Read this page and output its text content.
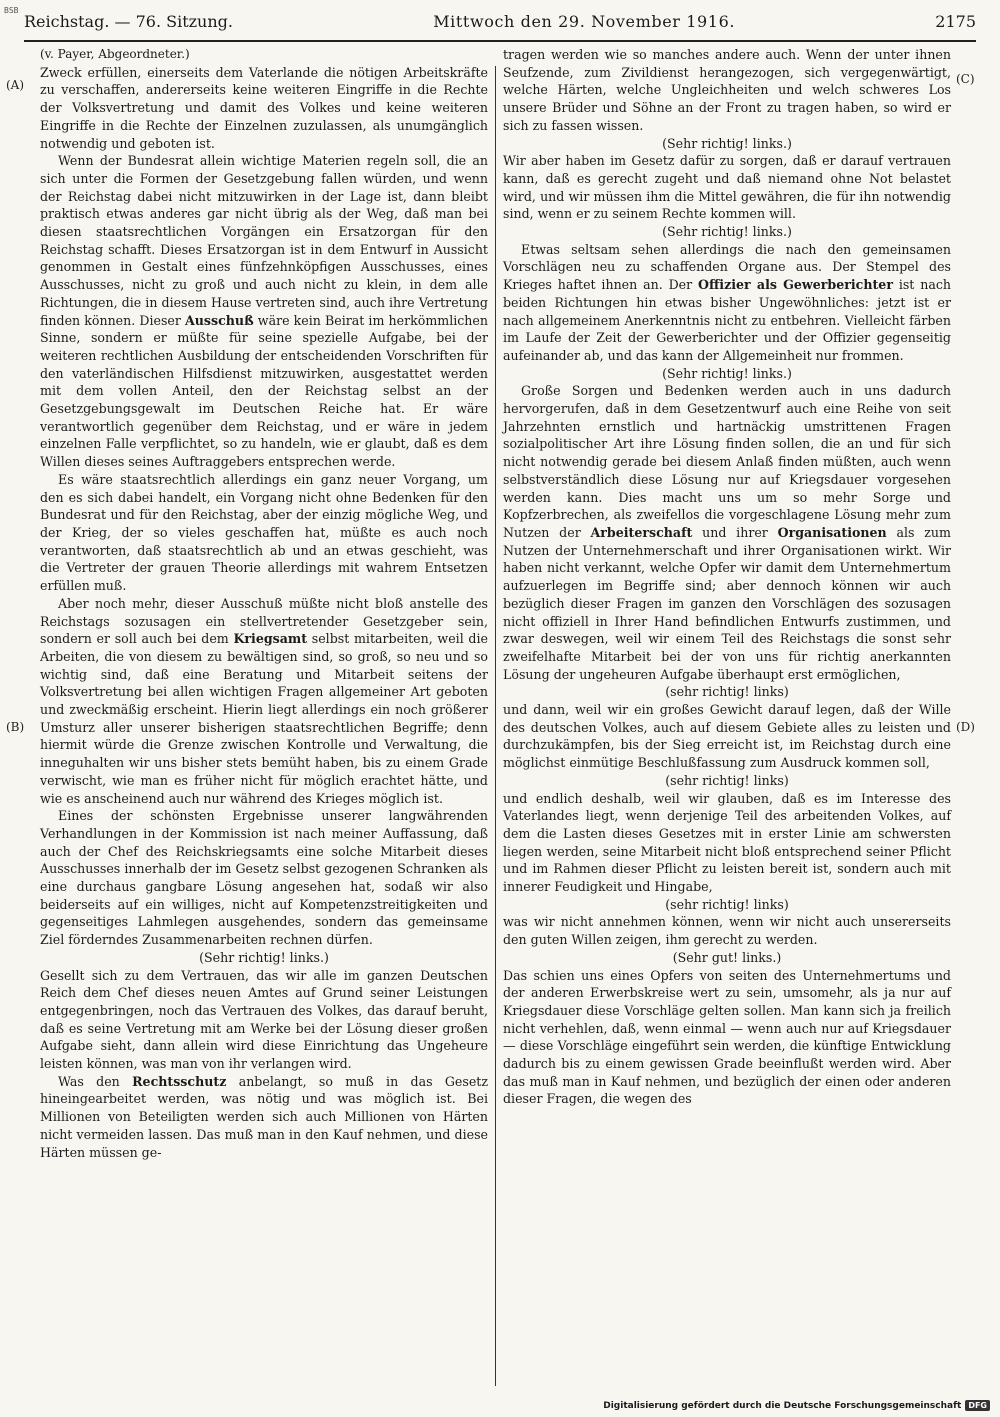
BSB
Reichstag. — 76. Sitzung.	Mittwoch den 29. November 1916.	2175
(A)
(B)
(C)
(D)

(v. Payer, Abgeordneter.)

Zweck erfüllen, einerseits dem Vaterlande die nötigen Arbeitskräfte zu verschaffen, andererseits keine weiteren Eingriffe in die Rechte der Volksvertretung und damit des Volkes und keine weiteren Eingriffe in die Rechte der Einzelnen zuzulassen, als unumgänglich notwendig und geboten ist.

Wenn der Bundesrat allein wichtige Materien regeln soll, die an sich unter die Formen der Gesetzgebung fallen würden, und wenn der Reichstag dabei nicht mitzuwirken in der Lage ist, dann bleibt praktisch etwas anderes gar nicht übrig als der Weg, daß man bei diesen staatsrechtlichen Vorgängen ein Ersatzorgan für den Reichstag schafft. Dieses Ersatzorgan ist in dem Entwurf in Aussicht genommen in Gestalt eines fünfzehnköpfigen Ausschusses, eines Ausschusses, nicht zu groß und auch nicht zu klein, in dem alle Richtungen, die in diesem Hause vertreten sind, auch ihre Vertretung finden können. Dieser Ausschuß wäre kein Beirat im herkömmlichen Sinne, sondern er müßte für seine spezielle Aufgabe, bei der weiteren rechtlichen Ausbildung der entscheidenden Vorschriften für den vaterländischen Hilfsdienst mitzuwirken, ausgestattet werden mit dem vollen Anteil, den der Reichstag selbst an der Gesetzgebungsgewalt im Deutschen Reiche hat. Er wäre verantwortlich gegenüber dem Reichstag, und er wäre in jedem einzelnen Falle verpflichtet, so zu handeln, wie er glaubt, daß es dem Willen dieses seines Auftraggebers entsprechen werde.

Es wäre staatsrechtlich allerdings ein ganz neuer Vorgang, um den es sich dabei handelt, ein Vorgang nicht ohne Bedenken für den Bundesrat und für den Reichstag, aber der einzig mögliche Weg, und der Krieg, der so vieles geschaffen hat, müßte es auch noch verantworten, daß staatsrechtlich ab und an etwas geschieht, was die Vertreter der grauen Theorie allerdings mit wahrem Entsetzen erfüllen muß.

Aber noch mehr, dieser Ausschuß müßte nicht bloß anstelle des Reichstags sozusagen ein stellvertretender Gesetzgeber sein, sondern er soll auch bei dem Kriegsamt selbst mitarbeiten, weil die Arbeiten, die von diesem zu bewältigen sind, so groß, so neu und so wichtig sind, daß eine Beratung und Mitarbeit seitens der Volksvertretung bei allen wichtigen Fragen allgemeiner Art geboten und zweckmäßig erscheint. Hierin liegt allerdings ein noch größerer Umsturz aller unserer bisherigen staatsrechtlichen Begriffe; denn hiermit würde die Grenze zwischen Kontrolle und Verwaltung, die inneguhalten wir uns bisher stets bemüht haben, bis zu einem Grade verwischt, wie man es früher nicht für möglich erachtet hätte, und wie es anscheinend auch nur während des Krieges möglich ist.

Eines der schönsten Ergebnisse unserer langwährenden Verhandlungen in der Kommission ist nach meiner Auffassung, daß auch der Chef des Reichskriegsamts eine solche Mitarbeit dieses Ausschusses innerhalb der im Gesetz selbst gezogenen Schranken als eine durchaus gangbare Lösung angesehen hat, sodaß wir also beiderseits auf ein williges, nicht auf Kompetenzstreitigkeiten und gegenseitiges Lahmlegen ausgehendes, sondern das gemeinsame Ziel förderndes Zusammenarbeiten rechnen dürfen.

(Sehr richtig! links.)

Gesellt sich zu dem Vertrauen, das wir alle im ganzen Deutschen Reich dem Chef dieses neuen Amtes auf Grund seiner Leistungen entgegenbringen, noch das Vertrauen des Volkes, das darauf beruht, daß es seine Vertretung mit am Werke bei der Lösung dieser großen Aufgabe sieht, dann allein wird diese Einrichtung das Ungeheure leisten können, was man von ihr verlangen wird.

Was den Rechtsschutz anbelangt, so muß in das Gesetz hineingearbeitet werden, was nötig und was möglich ist. Bei Millionen von Beteiligten werden sich auch Millionen von Härten nicht vermeiden lassen. Das muß man in den Kauf nehmen, und diese Härten müssen ge-

tragen werden wie so manches andere auch. Wenn der unter ihnen Seufzende, zum Zivildienst herangezogen, sich vergegenwärtigt, welche Härten, welche Ungleichheiten und welch schweres Los unsere Brüder und Söhne an der Front zu tragen haben, so wird er sich zu fassen wissen.

(Sehr richtig! links.)

Wir aber haben im Gesetz dafür zu sorgen, daß er darauf vertrauen kann, daß es gerecht zugeht und daß niemand ohne Not belastet wird, und wir müssen ihm die Mittel gewähren, die für ihn notwendig sind, wenn er zu seinem Rechte kommen will.

(Sehr richtig! links.)

Etwas seltsam sehen allerdings die nach den gemeinsamen Vorschlägen neu zu schaffenden Organe aus. Der Stempel des Krieges haftet ihnen an. Der Offizier als Gewerberichter ist nach beiden Richtungen hin etwas bisher Ungewöhnliches: jetzt ist er nach allgemeinem Anerkenntnis nicht zu entbehren. Vielleicht färben im Laufe der Zeit der Gewerberichter und der Offizier gegenseitig aufeinander ab, und das kann der Allgemeinheit nur frommen.

(Sehr richtig! links.)

Große Sorgen und Bedenken werden auch in uns dadurch hervorgerufen, daß in dem Gesetzentwurf auch eine Reihe von seit Jahrzehnten ernstlich und hartnäckig umstrittenen Fragen sozialpolitischer Art ihre Lösung finden sollen, die an und für sich nicht notwendig gerade bei diesem Anlaß finden müßten, auch wenn selbstverständlich diese Lösung nur auf Kriegsdauer vorgesehen werden kann. Dies macht uns um so mehr Sorge und Kopfzerbrechen, als zweifellos die vorgeschlagene Lösung mehr zum Nutzen der Arbeiterschaft und ihrer Organisationen als zum Nutzen der Unternehmerschaft und ihrer Organisationen wirkt. Wir haben nicht verkannt, welche Opfer wir damit dem Unternehmertum aufzuerlegen im Begriffe sind; aber dennoch können wir auch bezüglich dieser Fragen im ganzen den Vorschlägen des sozusagen nicht offiziell in Ihrer Hand befindlichen Entwurfs zustimmen, und zwar deswegen, weil wir einem Teil des Reichstags die sonst sehr zweifelhafte Mitarbeit bei der von uns für richtig anerkannten Lösung der ungeheuren Aufgabe überhaupt erst ermöglichen,

(sehr richtig! links)

und dann, weil wir ein großes Gewicht darauf legen, daß der Wille des deutschen Volkes, auch auf diesem Gebiete alles zu leisten und durchzukämpfen, bis der Sieg erreicht ist, im Reichstag durch eine möglichst einmütige Beschlußfassung zum Ausdruck kommen soll,

(sehr richtig! links)

und endlich deshalb, weil wir glauben, daß es im Interesse des Vaterlandes liegt, wenn derjenige Teil des arbeitenden Volkes, auf dem die Lasten dieses Gesetzes mit in erster Linie am schwersten liegen werden, seine Mitarbeit nicht bloß entsprechend seiner Pflicht und im Rahmen dieser Pflicht zu leisten bereit ist, sondern auch mit innerer Feudigkeit und Hingabe,

(sehr richtig! links)

was wir nicht annehmen können, wenn wir nicht auch unsererseits den guten Willen zeigen, ihm gerecht zu werden.

(Sehr gut! links.)

Das schien uns eines Opfers von seiten des Unternehmertums und der anderen Erwerbskreise wert zu sein, umsomehr, als ja nur auf Kriegsdauer diese Vorschläge gelten sollen. Man kann sich ja freilich nicht verhehlen, daß, wenn einmal — wenn auch nur auf Kriegsdauer — diese Vorschläge eingeführt sein werden, die künftige Entwicklung dadurch bis zu einem gewissen Grade beeinflußt werden wird. Aber das muß man in Kauf nehmen, und bezüglich der einen oder anderen dieser Fragen, die wegen des

Digitalisierung gefördert durch die Deutsche Forschungsgemeinschaft DFG
